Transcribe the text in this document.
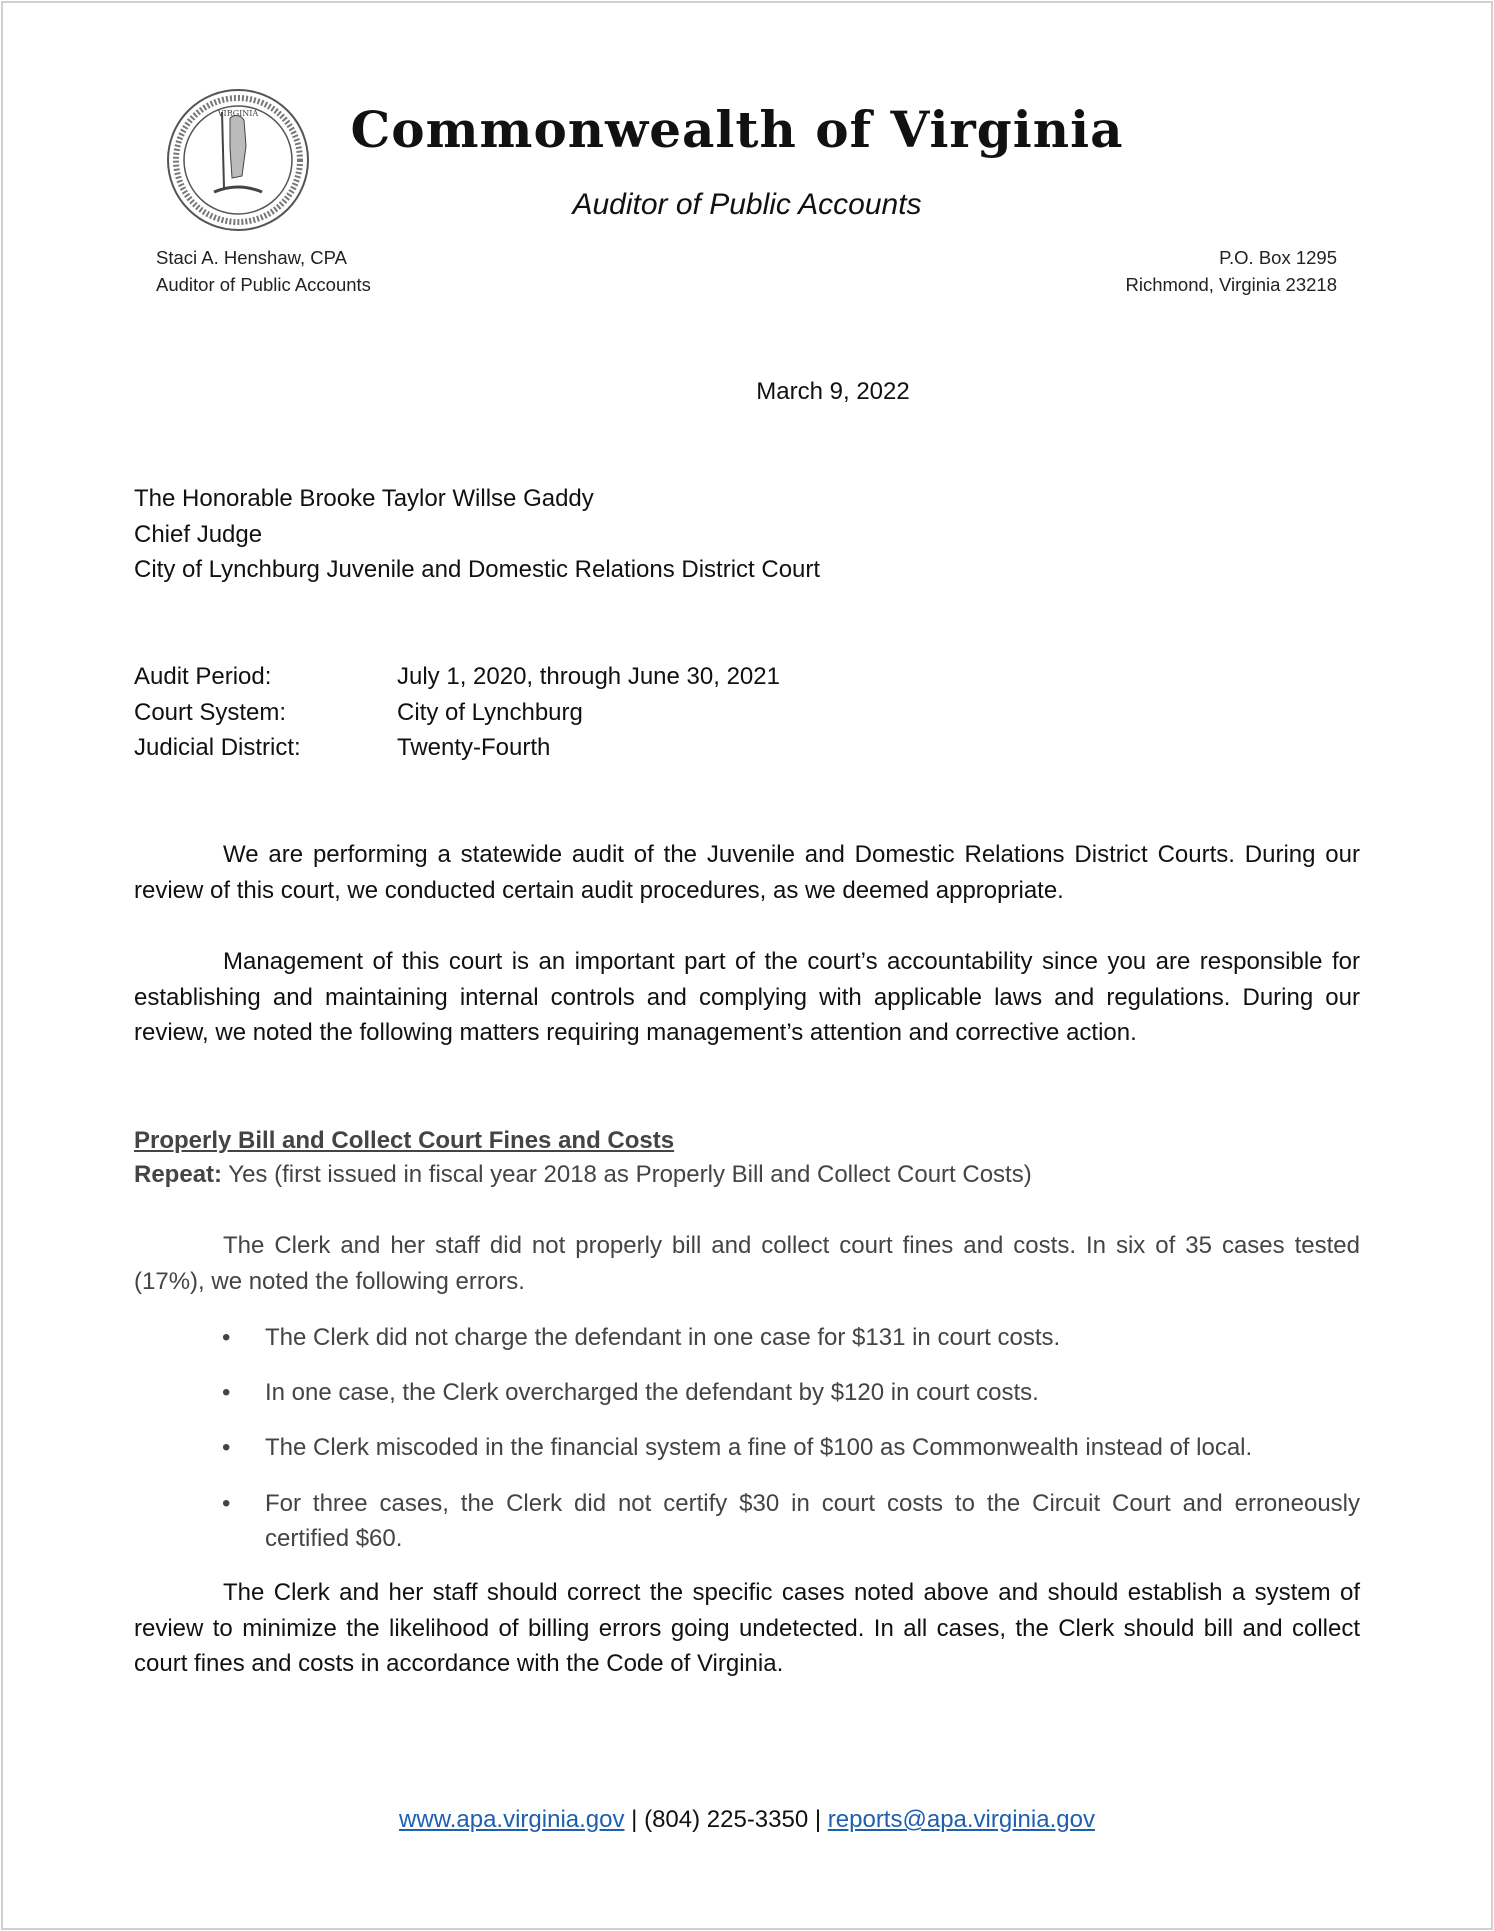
VIRGINIA	Commonwealth of Virginia
Auditor of Public Accounts
Staci A. Henshaw, CPA
Auditor of Public Accounts
P.O. Box 1295
Richmond, Virginia 23218
March 9, 2022
The Honorable Brooke Taylor Willse Gaddy
Chief Judge
City of Lynchburg Juvenile and Domestic Relations District Court
Audit Period:	July 1, 2020, through June 30, 2021
Court System:	City of Lynchburg
Judicial District:	Twenty-Fourth
We are performing a statewide audit of the Juvenile and Domestic Relations District Courts. During our review of this court, we conducted certain audit procedures, as we deemed appropriate.
Management of this court is an important part of the court’s accountability since you are responsible for establishing and maintaining internal controls and complying with applicable laws and regulations. During our review, we noted the following matters requiring management’s attention and corrective action.
Properly Bill and Collect Court Fines and Costs
Repeat: Yes (first issued in fiscal year 2018 as Properly Bill and Collect Court Costs)
The Clerk and her staff did not properly bill and collect court fines and costs. In six of 35 cases tested (17%), we noted the following errors.
•	The Clerk did not charge the defendant in one case for $131 in court costs.
•	In one case, the Clerk overcharged the defendant by $120 in court costs.
•	The Clerk miscoded in the financial system a fine of $100 as Commonwealth instead of local.
•	For three cases, the Clerk did not certify $30 in court costs to the Circuit Court and erroneously certified $60.
The Clerk and her staff should correct the specific cases noted above and should establish a system of review to minimize the likelihood of billing errors going undetected. In all cases, the Clerk should bill and collect court fines and costs in accordance with the Code of Virginia.
www.apa.virginia.gov | (804) 225-3350 | reports@apa.virginia.gov
